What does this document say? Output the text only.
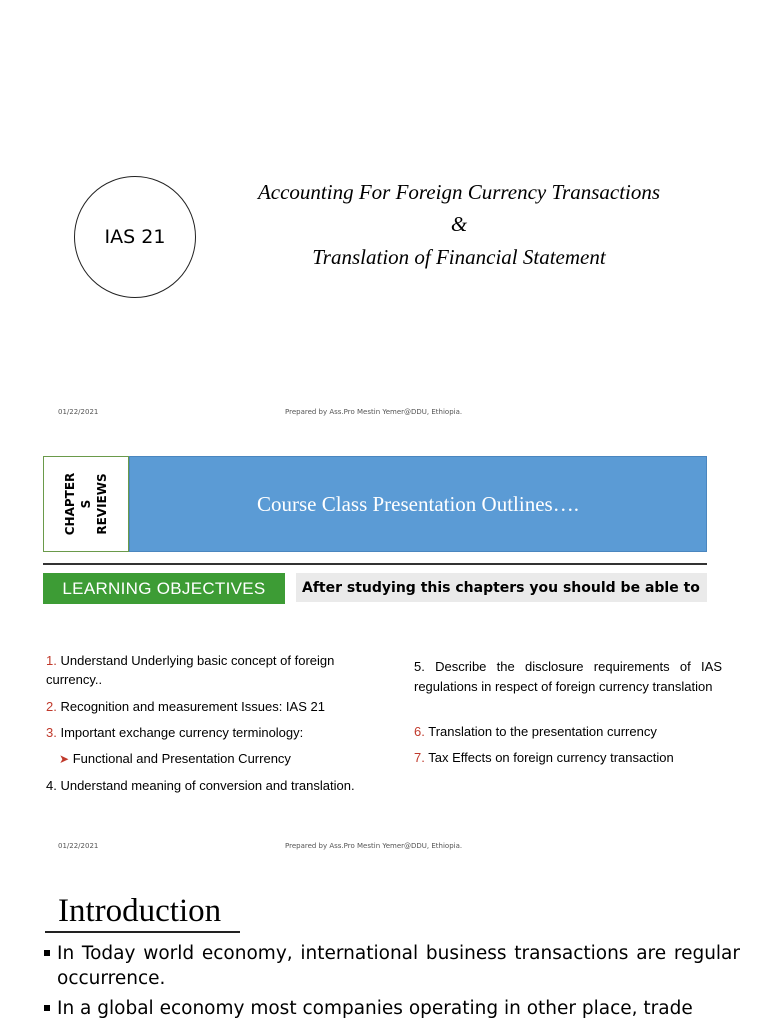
IAS 21
Accounting For Foreign Currency Transactions
&
Translation of Financial Statement
01/22/2021	Prepared by Ass.Pro Mestin Yemer@DDU, Ethiopia.
CHAPTER S REVIEWS	Course Class Presentation Outlines….
LEARNING OBJECTIVES	After studying this chapters you should be able to
1. Understand Underlying basic concept of foreign currency..
2. Recognition and measurement Issues: IAS 21
3. Important exchange currency terminology:
➤ Functional and Presentation Currency
4. Understand meaning of conversion and translation.
5. Describe the disclosure requirements of IAS regulations in respect of foreign currency translation
6. Translation to the presentation currency
7. Tax Effects on foreign currency transaction
01/22/2021	Prepared by Ass.Pro Mestin Yemer@DDU, Ethiopia.
Introduction
In Today world economy, international business transactions are regular occurrence.
In a global economy most companies operating in other place, trade
